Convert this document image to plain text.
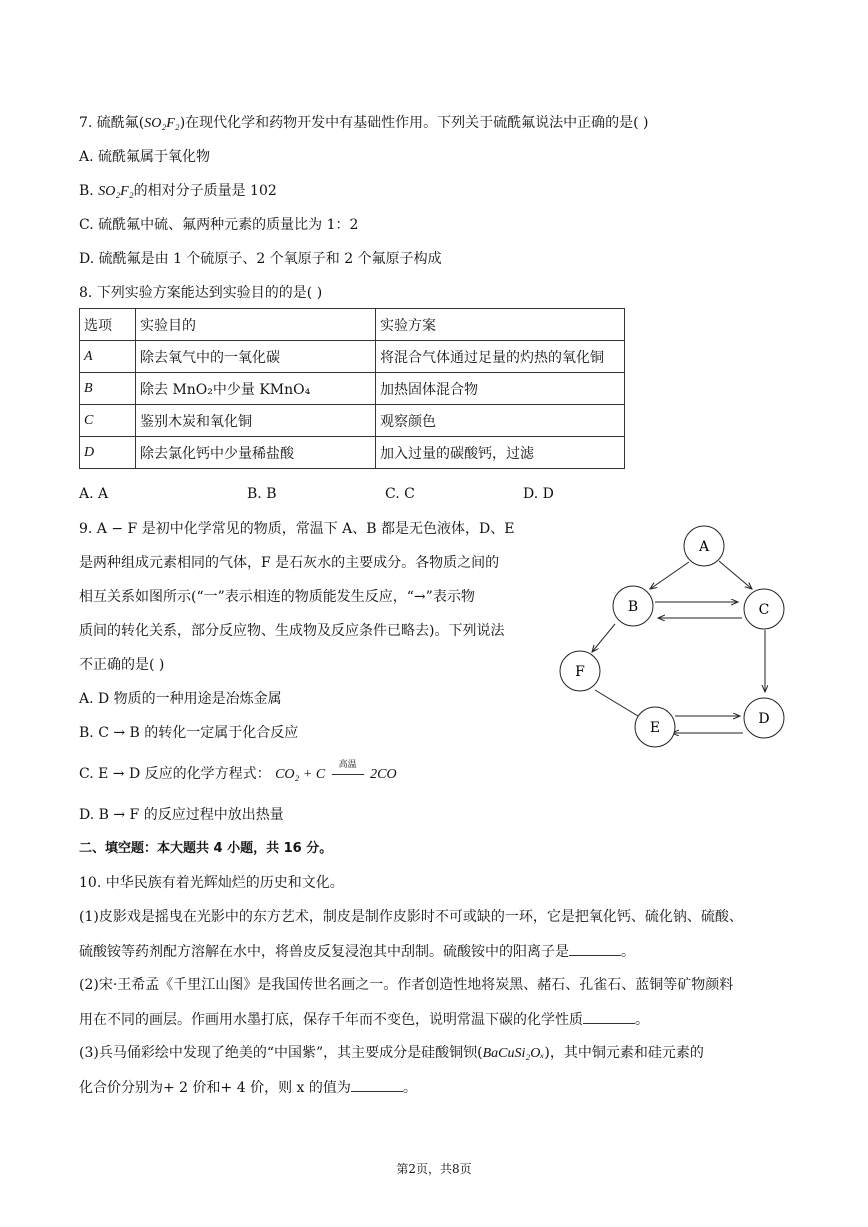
7. 硫酰氟(SO₂F₂)在现代化学和药物开发中有基础性作用。下列关于硫酰氟说法中正确的是( )
A. 硫酰氟属于氧化物
B. SO₂F₂的相对分子质量是 102
C. 硫酰氟中硫、氟两种元素的质量比为 1：2
D. 硫酰氟是由 1 个硫原子、2 个氧原子和 2 个氟原子构成
8. 下列实验方案能达到实验目的的是( )
选项	实验目的	实验方案
A	除去氧气中的一氧化碳	将混合气体通过足量的灼热的氧化铜
B	除去 MnO₂中少量 KMnO₄	加热固体混合物
C	鉴别木炭和氧化铜	观察颜色
D	除去氯化钙中少量稀盐酸	加入过量的碳酸钙，过滤
A. A	B. B	C. C	D. D
9. A − F 是初中化学常见的物质，常温下 A、B 都是无色液体，D、E
是两种组成元素相同的气体，F 是石灰水的主要成分。各物质之间的
相互关系如图所示(“一”表示相连的物质能发生反应，“→”表示物
质间的转化关系，部分反应物、生成物及反应条件已略去)。下列说法
不正确的是( )
A. D 物质的一种用途是冶炼金属
B. C → B 的转化一定属于化合反应
C. E → D 反应的化学方程式： CO₂ + C
高温
2CO
D. B → F 的反应过程中放出热量
A
B	C
D
E
F
二、填空题：本大题共 4 小题，共 16 分。
10. 中华民族有着光辉灿烂的历史和文化。
(1)皮影戏是摇曳在光影中的东方艺术，制皮是制作皮影时不可或缺的一环，它是把氧化钙、硫化钠、硫酸、
硫酸铵等药剂配方溶解在水中，将兽皮反复浸泡其中刮制。硫酸铵中的阳离子是	。
(2)宋·王希孟《千里江山图》是我国传世名画之一。作者创造性地将炭黑、赭石、孔雀石、蓝铜等矿物颜料
用在不同的画层。作画用水墨打底，保存千年而不变色，说明常温下碳的化学性质	。
(3)兵马俑彩绘中发现了绝美的“中国紫”，其主要成分是硅酸铜钡(BaCuSi₂Oₓ)，其中铜元素和硅元素的
化合价分别为+ 2 价和+ 4 价，则 x 的值为	。
第2页，共8页
